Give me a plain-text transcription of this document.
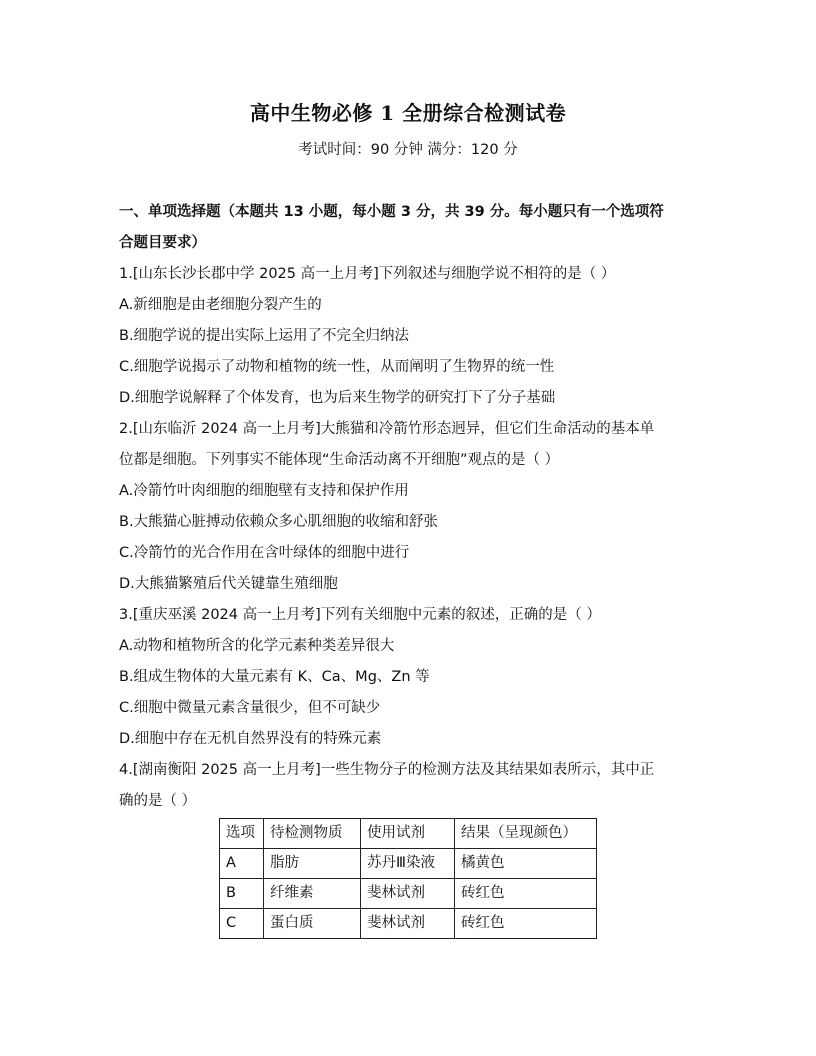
高中生物必修 1 全册综合检测试卷
考试时间：90 分钟 满分：120 分
一、单项选择题（本题共 13 小题，每小题 3 分，共 39 分。每小题只有一个选项符
合题目要求）
1.[山东长沙长郡中学 2025 高一上月考]下列叙述与细胞学说不相符的是（ ）
A.新细胞是由老细胞分裂产生的
B.细胞学说的提出实际上运用了不完全归纳法
C.细胞学说揭示了动物和植物的统一性，从而阐明了生物界的统一性
D.细胞学说解释了个体发育，也为后来生物学的研究打下了分子基础
2.[山东临沂 2024 高一上月考]大熊猫和冷箭竹形态迥异，但它们生命活动的基本单
位都是细胞。下列事实不能体现“生命活动离不开细胞”观点的是（ ）
A.冷箭竹叶肉细胞的细胞壁有支持和保护作用
B.大熊猫心脏搏动依赖众多心肌细胞的收缩和舒张
C.冷箭竹的光合作用在含叶绿体的细胞中进行
D.大熊猫繁殖后代关键靠生殖细胞
3.[重庆巫溪 2024 高一上月考]下列有关细胞中元素的叙述，正确的是（ ）
A.动物和植物所含的化学元素种类差异很大
B.组成生物体的大量元素有 K、Ca、Mg、Zn 等
C.细胞中微量元素含量很少，但不可缺少
D.细胞中存在无机自然界没有的特殊元素
4.[湖南衡阳 2025 高一上月考]一些生物分子的检测方法及其结果如表所示，其中正
确的是（ ）
选项	待检测物质	使用试剂	结果（呈现颜色）
A	脂肪	苏丹Ⅲ染液	橘黄色
B	纤维素	斐林试剂	砖红色
C	蛋白质	斐林试剂	砖红色
